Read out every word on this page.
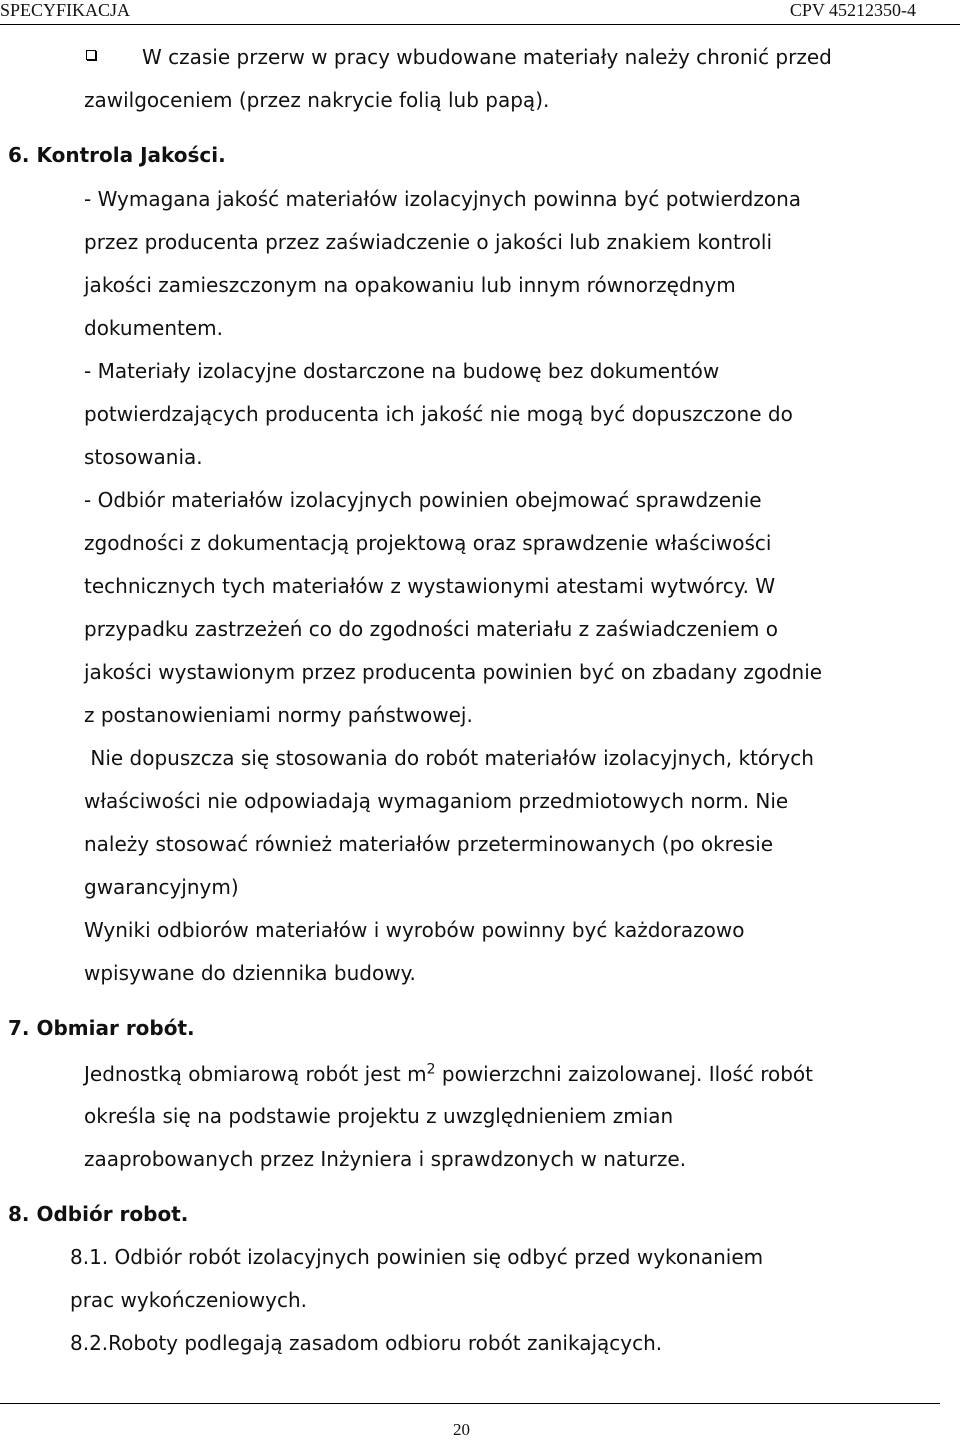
SPECYFIKACJA	CPV 45212350-4
W czasie przerw w pracy wbudowane materiały należy chronić przed
zawilgoceniem (przez nakrycie folią lub papą).
6. Kontrola Jakości.
- Wymagana jakość materiałów izolacyjnych powinna być potwierdzona
przez producenta przez zaświadczenie o jakości lub znakiem kontroli
jakości zamieszczonym na opakowaniu lub innym równorzędnym
dokumentem.
- Materiały izolacyjne dostarczone na budowę bez dokumentów
potwierdzających producenta ich jakość nie mogą być dopuszczone do
stosowania.
- Odbiór materiałów izolacyjnych powinien obejmować sprawdzenie
zgodności z dokumentacją projektową oraz sprawdzenie właściwości
technicznych tych materiałów z wystawionymi atestami wytwórcy. W
przypadku zastrzeżeń co do zgodności materiału z zaświadczeniem o
jakości wystawionym przez producenta powinien być on zbadany zgodnie
z postanowieniami normy państwowej.
Nie dopuszcza się stosowania do robót materiałów izolacyjnych, których
właściwości nie odpowiadają wymaganiom przedmiotowych norm. Nie
należy stosować również materiałów przeterminowanych (po okresie
gwarancyjnym)
Wyniki odbiorów materiałów i wyrobów powinny być każdorazowo
wpisywane do dziennika budowy.
7. Obmiar robót.
Jednostką obmiarową robót jest $m^2$ powierzchni zaizolowanej. Ilość robót
określa się na podstawie projektu z uwzględnieniem zmian
zaaprobowanych przez Inżyniera i sprawdzonych w naturze.
8. Odbiór robot.
8.1. Odbiór robót izolacyjnych powinien się odbyć przed wykonaniem
prac wykończeniowych.
8.2.Roboty podlegają zasadom odbioru robót zanikających.
20
